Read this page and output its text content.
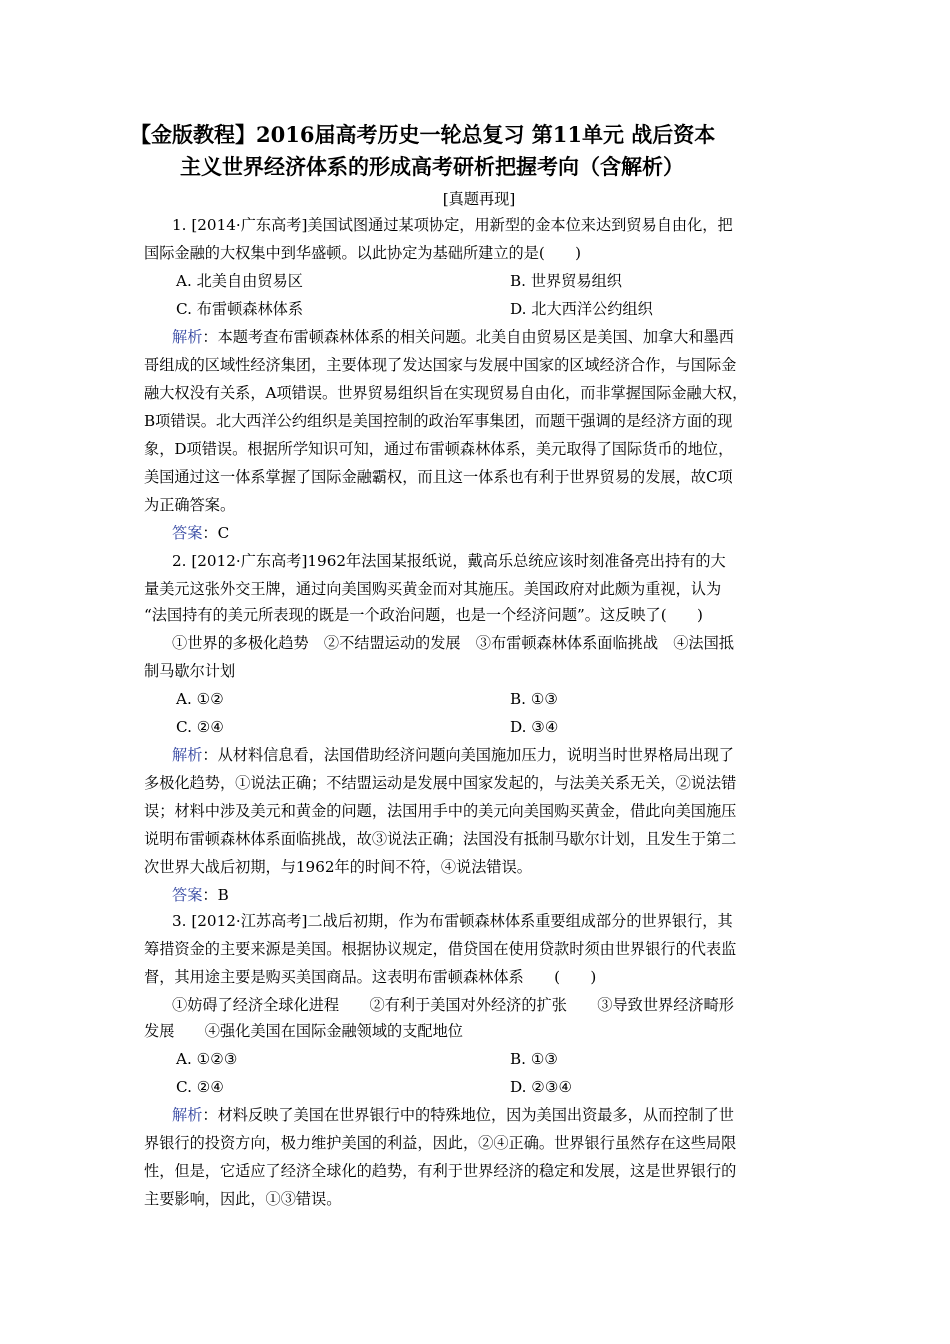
【金版教程】2016届高考历史一轮总复习 第11单元 战后资本
主义世界经济体系的形成高考研析把握考向（含解析）
[真题再现]
1. [2014·广东高考]美国试图通过某项协定，用新型的金本位来达到贸易自由化，把
国际金融的大权集中到华盛顿。以此协定为基础所建立的是(　　)
A. 北美自由贸易区	B. 世界贸易组织
C. 布雷顿森林体系	D. 北大西洋公约组织
解析：本题考查布雷顿森林体系的相关问题。北美自由贸易区是美国、加拿大和墨西
哥组成的区域性经济集团，主要体现了发达国家与发展中国家的区域经济合作，与国际金
融大权没有关系，A项错误。世界贸易组织旨在实现贸易自由化，而非掌握国际金融大权，
B项错误。北大西洋公约组织是美国控制的政治军事集团，而题干强调的是经济方面的现
象，D项错误。根据所学知识可知，通过布雷顿森林体系，美元取得了国际货币的地位，
美国通过这一体系掌握了国际金融霸权，而且这一体系也有利于世界贸易的发展，故C项
为正确答案。
答案：C
2. [2012·广东高考]1962年法国某报纸说，戴高乐总统应该时刻准备亮出持有的大
量美元这张外交王牌，通过向美国购买黄金而对其施压。美国政府对此颇为重视，认为
“法国持有的美元所表现的既是一个政治问题，也是一个经济问题”。这反映了(　　)
①世界的多极化趋势　②不结盟运动的发展　③布雷顿森林体系面临挑战　④法国抵
制马歇尔计划
A. ①②	B. ①③
C. ②④	D. ③④
解析：从材料信息看，法国借助经济问题向美国施加压力，说明当时世界格局出现了
多极化趋势，①说法正确；不结盟运动是发展中国家发起的，与法美关系无关，②说法错
误；材料中涉及美元和黄金的问题，法国用手中的美元向美国购买黄金，借此向美国施压
说明布雷顿森林体系面临挑战，故③说法正确；法国没有抵制马歇尔计划，且发生于第二
次世界大战后初期，与1962年的时间不符，④说法错误。
答案：B
3. [2012·江苏高考]二战后初期，作为布雷顿森林体系重要组成部分的世界银行，其
筹措资金的主要来源是美国。根据协议规定，借贷国在使用贷款时须由世界银行的代表监
督，其用途主要是购买美国商品。这表明布雷顿森林体系　　(　　)
①妨碍了经济全球化进程　　②有利于美国对外经济的扩张　　③导致世界经济畸形
发展　　④强化美国在国际金融领域的支配地位
A. ①②③	B. ①③
C. ②④	D. ②③④
解析：材料反映了美国在世界银行中的特殊地位，因为美国出资最多，从而控制了世
界银行的投资方向，极力维护美国的利益，因此，②④正确。世界银行虽然存在这些局限
性，但是，它适应了经济全球化的趋势，有利于世界经济的稳定和发展，这是世界银行的
主要影响，因此，①③错误。
